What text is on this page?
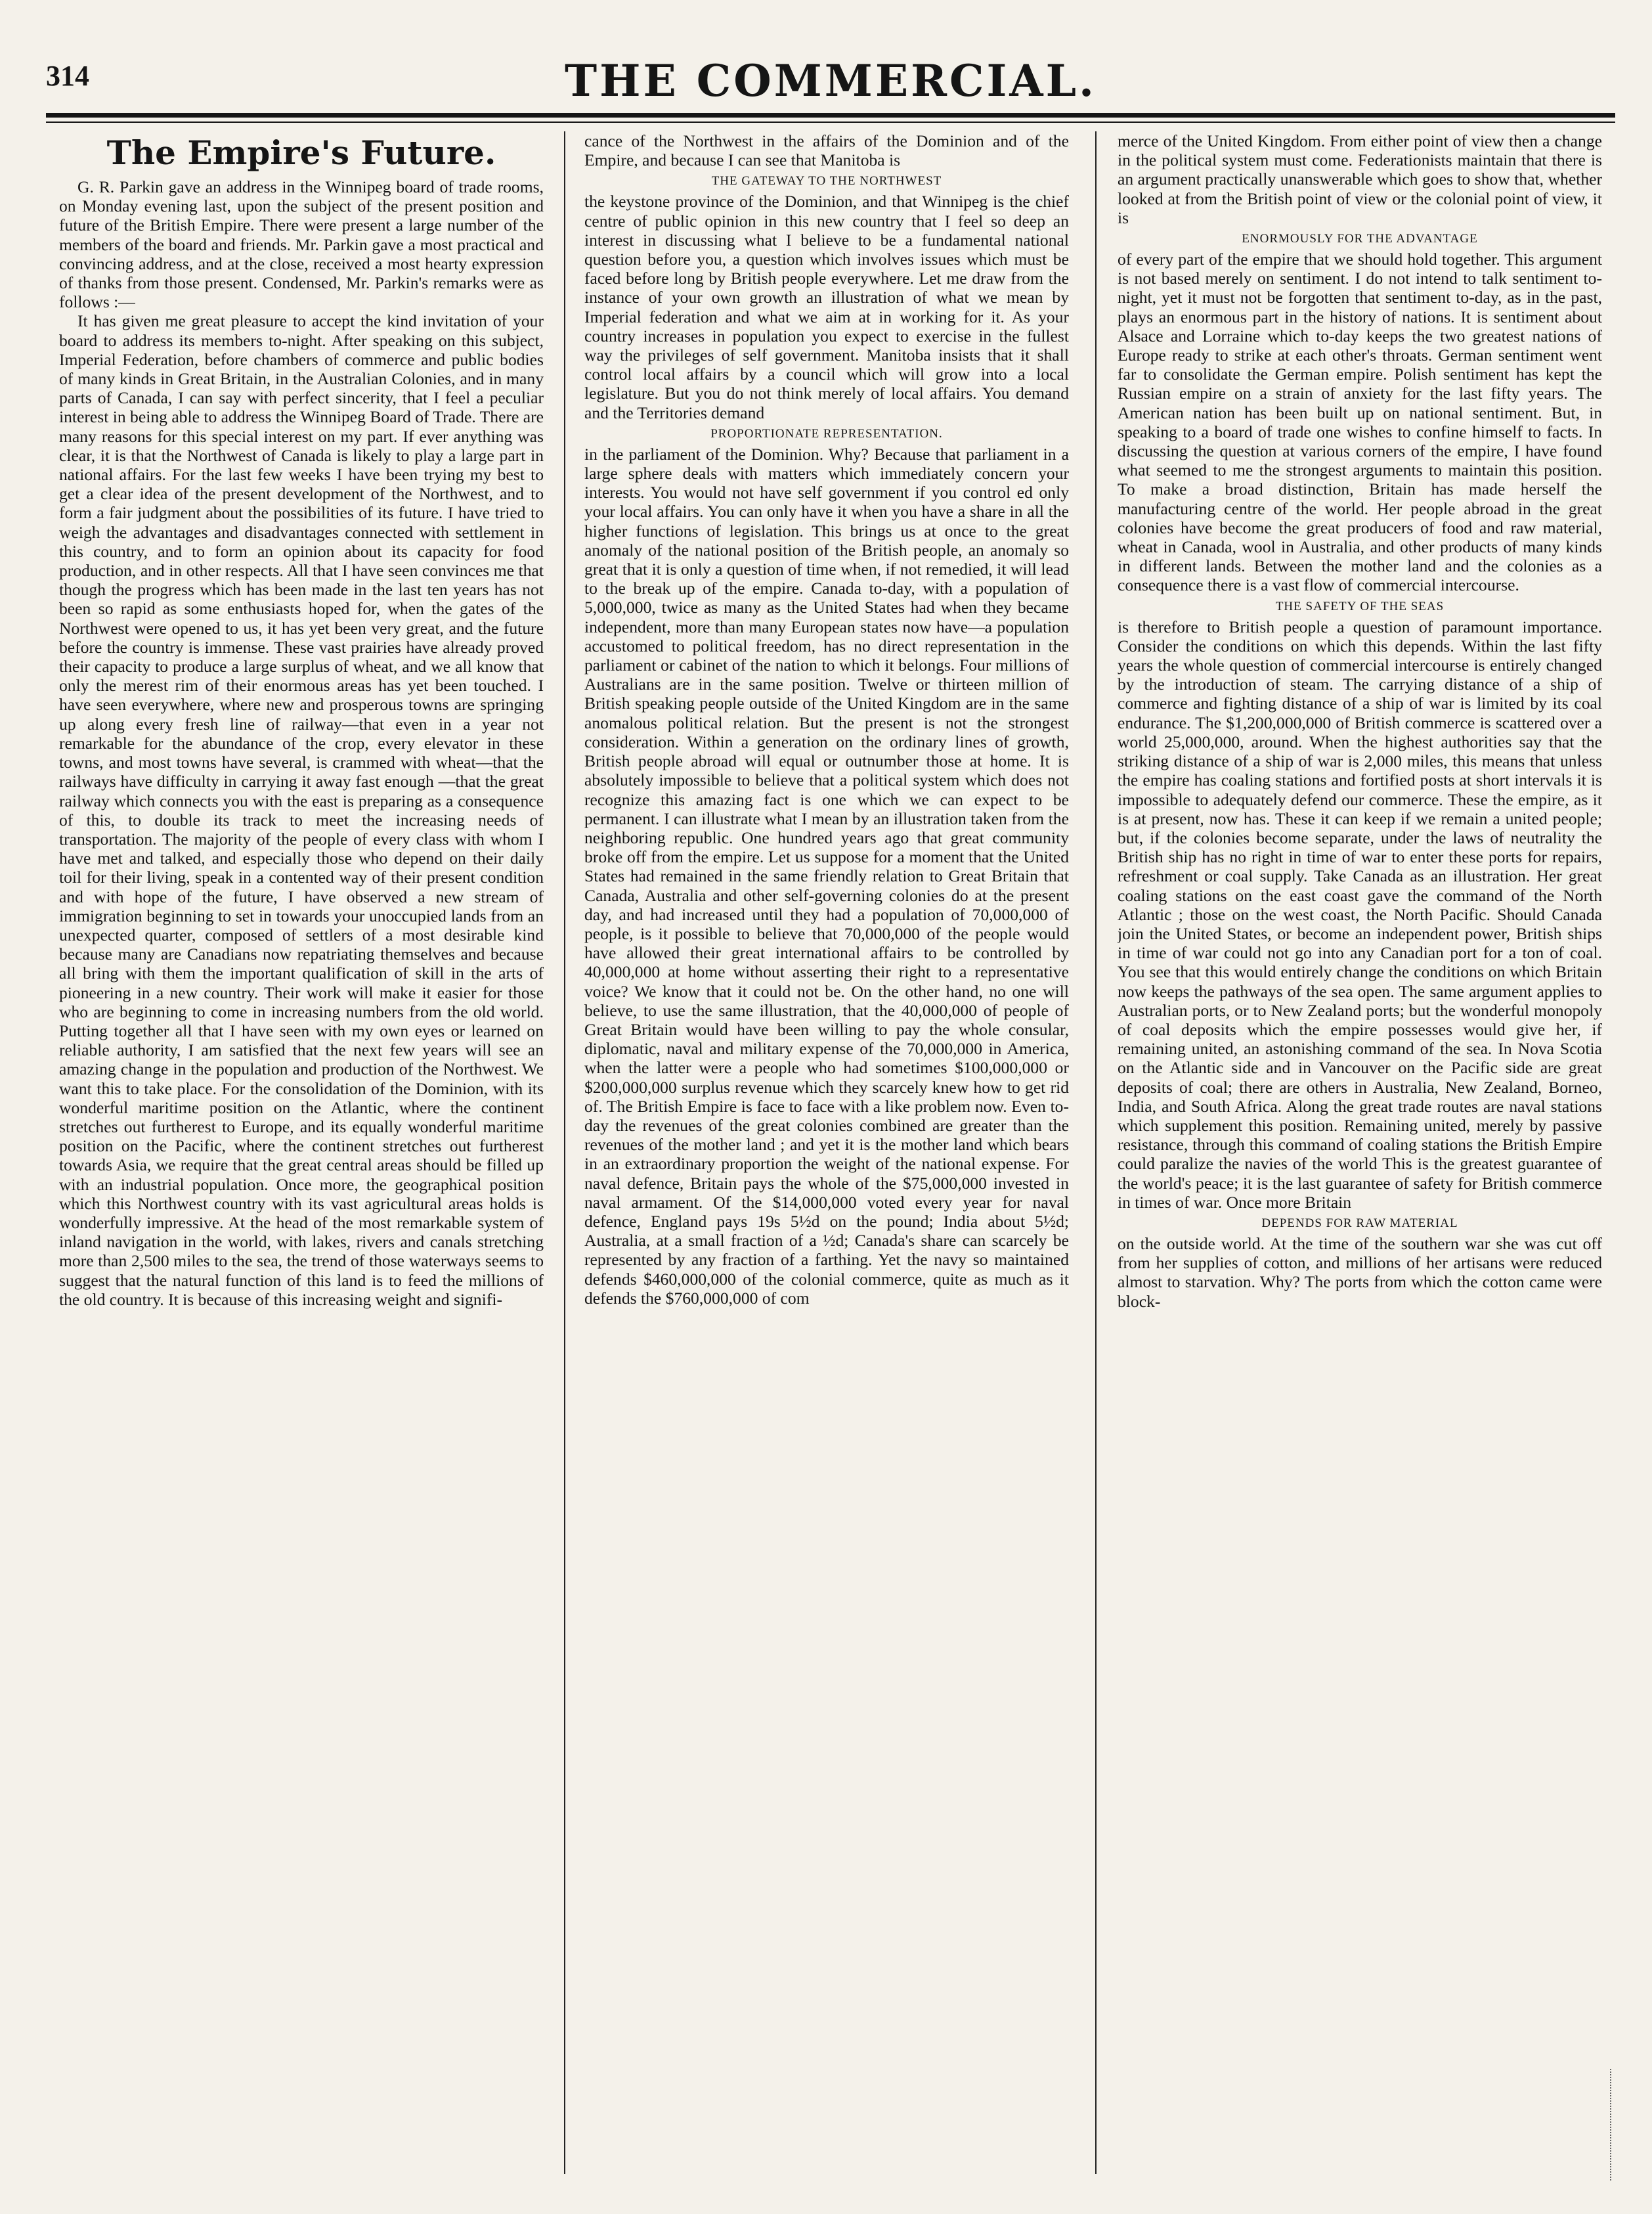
314	THE COMMERCIAL.
The Empire's Future.

G. R. Parkin gave an address in the Winnipeg board of trade rooms, on Monday evening last, upon the subject of the present position and future of the British Empire. There were present a large number of the members of the board and friends. Mr. Parkin gave a most practical and convincing address, and at the close, received a most hearty expression of thanks from those present. Condensed, Mr. Parkin's remarks were as follows :—

It has given me great pleasure to accept the kind invitation of your board to address its members to-night. After speaking on this subject, Imperial Federation, before chambers of commerce and public bodies of many kinds in Great Britain, in the Australian Colonies, and in many parts of Canada, I can say with perfect sincerity, that I feel a peculiar interest in being able to address the Winnipeg Board of Trade. There are many reasons for this special interest on my part. If ever anything was clear, it is that the Northwest of Canada is likely to play a large part in national affairs. For the last few weeks I have been trying my best to get a clear idea of the present development of the Northwest, and to form a fair judgment about the possibilities of its future. I have tried to weigh the advantages and disadvantages connected with settlement in this country, and to form an opinion about its capacity for food production, and in other respects. All that I have seen convinces me that though the progress which has been made in the last ten years has not been so rapid as some enthusiasts hoped for, when the gates of the Northwest were opened to us, it has yet been very great, and the future before the country is immense. These vast prairies have already proved their capacity to produce a large surplus of wheat, and we all know that only the merest rim of their enormous areas has yet been touched. I have seen everywhere, where new and prosperous towns are springing up along every fresh line of railway—that even in a year not remarkable for the abundance of the crop, every elevator in these towns, and most towns have several, is crammed with wheat—that the railways have difficulty in carrying it away fast enough —that the great railway which connects you with the east is preparing as a consequence of this, to double its track to meet the increasing needs of transportation. The majority of the people of every class with whom I have met and talked, and especially those who depend on their daily toil for their living, speak in a contented way of their present condition and with hope of the future, I have observed a new stream of immigration beginning to set in towards your unoccupied lands from an unexpected quarter, composed of settlers of a most desirable kind because many are Canadians now repatriating themselves and because all bring with them the important qualification of skill in the arts of pioneering in a new country. Their work will make it easier for those who are beginning to come in increasing numbers from the old world. Putting together all that I have seen with my own eyes or learned on reliable authority, I am satisfied that the next few years will see an amazing change in the population and production of the Northwest. We want this to take place. For the consolidation of the Dominion, with its wonderful maritime position on the Atlantic, where the continent stretches out furtherest to Europe, and its equally wonderful maritime position on the Pacific, where the continent stretches out furtherest towards Asia, we require that the great central areas should be filled up with an industrial population. Once more, the geographical position which this Northwest country with its vast agricultural areas holds is wonderfully impressive. At the head of the most remarkable system of inland navigation in the world, with lakes, rivers and canals stretching more than 2,500 miles to the sea, the trend of those waterways seems to suggest that the natural function of this land is to feed the millions of the old country. It is because of this increasing weight and signifi-

cance of the Northwest in the affairs of the Dominion and of the Empire, and because I can see that Manitoba is

THE GATEWAY TO THE NORTHWEST

the keystone province of the Dominion, and that Winnipeg is the chief centre of public opinion in this new country that I feel so deep an interest in discussing what I believe to be a fundamental national question before you, a question which involves issues which must be faced before long by British people everywhere. Let me draw from the instance of your own growth an illustration of what we mean by Imperial federation and what we aim at in working for it. As your country increases in population you expect to exercise in the fullest way the privileges of self government. Manitoba insists that it shall control local affairs by a council which will grow into a local legislature. But you do not think merely of local affairs. You demand and the Territories demand

PROPORTIONATE REPRESENTATION.

in the parliament of the Dominion. Why? Because that parliament in a large sphere deals with matters which immediately concern your interests. You would not have self government if you control ed only your local affairs. You can only have it when you have a share in all the higher functions of legislation. This brings us at once to the great anomaly of the national position of the British people, an anomaly so great that it is only a question of time when, if not remedied, it will lead to the break up of the empire. Canada to-day, with a population of 5,000,000, twice as many as the United States had when they became independent, more than many European states now have—a population accustomed to political freedom, has no direct representation in the parliament or cabinet of the nation to which it belongs. Four millions of Australians are in the same position. Twelve or thirteen million of British speaking people outside of the United Kingdom are in the same anomalous political relation. But the present is not the strongest consideration. Within a generation on the ordinary lines of growth, British people abroad will equal or outnumber those at home. It is absolutely impossible to believe that a political system which does not recognize this amazing fact is one which we can expect to be permanent. I can illustrate what I mean by an illustration taken from the neighboring republic. One hundred years ago that great community broke off from the empire. Let us suppose for a moment that the United States had remained in the same friendly relation to Great Britain that Canada, Australia and other self-governing colonies do at the present day, and had increased until they had a population of 70,000,000 of people, is it possible to believe that 70,000,000 of the people would have allowed their great international affairs to be controlled by 40,000,000 at home without asserting their right to a representative voice? We know that it could not be. On the other hand, no one will believe, to use the same illustration, that the 40,000,000 of people of Great Britain would have been willing to pay the whole consular, diplomatic, naval and military expense of the 70,000,000 in America, when the latter were a people who had sometimes $100,000,000 or $200,000,000 surplus revenue which they scarcely knew how to get rid of. The British Empire is face to face with a like problem now. Even to-day the revenues of the great colonies combined are greater than the revenues of the mother land ; and yet it is the mother land which bears in an extraordinary proportion the weight of the national expense. For naval defence, Britain pays the whole of the $75,000,000 invested in naval armament. Of the $14,000,000 voted every year for naval defence, England pays 19s 5½d on the pound; India about 5½d; Australia, at a small fraction of a ½d; Canada's share can scarcely be represented by any fraction of a farthing. Yet the navy so maintained defends $460,000,000 of the colonial commerce, quite as much as it defends the $760,000,000 of com

merce of the United Kingdom. From either point of view then a change in the political system must come. Federationists maintain that there is an argument practically unanswerable which goes to show that, whether looked at from the British point of view or the colonial point of view, it is

ENORMOUSLY FOR THE ADVANTAGE

of every part of the empire that we should hold together. This argument is not based merely on sentiment. I do not intend to talk sentiment to-night, yet it must not be forgotten that sentiment to-day, as in the past, plays an enormous part in the history of nations. It is sentiment about Alsace and Lorraine which to-day keeps the two greatest nations of Europe ready to strike at each other's throats. German sentiment went far to consolidate the German empire. Polish sentiment has kept the Russian empire on a strain of anxiety for the last fifty years. The American nation has been built up on national sentiment. But, in speaking to a board of trade one wishes to confine himself to facts. In discussing the question at various corners of the empire, I have found what seemed to me the strongest arguments to maintain this position. To make a broad distinction, Britain has made herself the manufacturing centre of the world. Her people abroad in the great colonies have become the great producers of food and raw material, wheat in Canada, wool in Australia, and other products of many kinds in different lands. Between the mother land and the colonies as a consequence there is a vast flow of commercial intercourse.

THE SAFETY OF THE SEAS

is therefore to British people a question of paramount importance. Consider the conditions on which this depends. Within the last fifty years the whole question of commercial intercourse is entirely changed by the introduction of steam. The carrying distance of a ship of commerce and fighting distance of a ship of war is limited by its coal endurance. The $1,200,000,000 of British commerce is scattered over a world 25,000,000, around. When the highest authorities say that the striking distance of a ship of war is 2,000 miles, this means that unless the empire has coaling stations and fortified posts at short intervals it is impossible to adequately defend our commerce. These the empire, as it is at present, now has. These it can keep if we remain a united people; but, if the colonies become separate, under the laws of neutrality the British ship has no right in time of war to enter these ports for repairs, refreshment or coal supply. Take Canada as an illustration. Her great coaling stations on the east coast gave the command of the North Atlantic ; those on the west coast, the North Pacific. Should Canada join the United States, or become an independent power, British ships in time of war could not go into any Canadian port for a ton of coal. You see that this would entirely change the conditions on which Britain now keeps the pathways of the sea open. The same argument applies to Australian ports, or to New Zealand ports; but the wonderful monopoly of coal deposits which the empire possesses would give her, if remaining united, an astonishing command of the sea. In Nova Scotia on the Atlantic side and in Vancouver on the Pacific side are great deposits of coal; there are others in Australia, New Zealand, Borneo, India, and South Africa. Along the great trade routes are naval stations which supplement this position. Remaining united, merely by passive resistance, through this command of coaling stations the British Empire could paralize the navies of the world This is the greatest guarantee of the world's peace; it is the last guarantee of safety for British commerce in times of war. Once more Britain

DEPENDS FOR RAW MATERIAL

on the outside world. At the time of the southern war she was cut off from her supplies of cotton, and millions of her artisans were reduced almost to starvation. Why? The ports from which the cotton came were block-
